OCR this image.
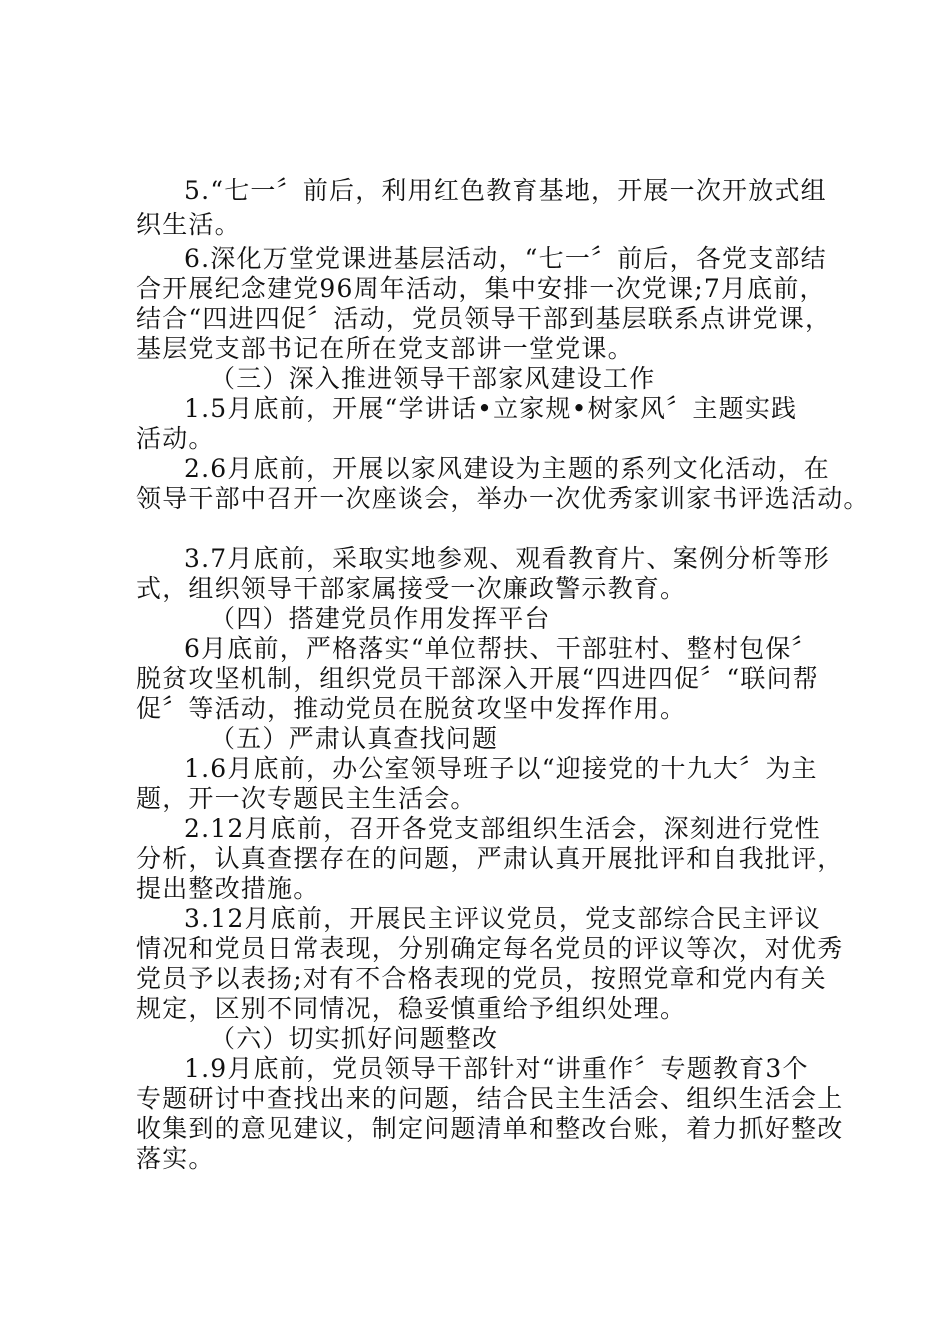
5.“七一〞前后，利用红色教育基地，开展一次开放式组
织生活。
6.深化万堂党课进基层活动，“七一〞前后，各党支部结
合开展纪念建党96周年活动，集中安排一次党课;7月底前，
结合“四进四促〞活动，党员领导干部到基层联系点讲党课，
基层党支部书记在所在党支部讲一堂党课。
（三）深入推进领导干部家风建设工作
1.5月底前，开展“学讲话•立家规•树家风〞主题实践
活动。
2.6月底前，开展以家风建设为主题的系列文化活动，在
领导干部中召开一次座谈会，举办一次优秀家训家书评选活动。
3.7月底前，采取实地参观、观看教育片、案例分析等形
式，组织领导干部家属接受一次廉政警示教育。
（四）搭建党员作用发挥平台
6月底前，严格落实“单位帮扶、干部驻村、整村包保〞
脱贫攻坚机制，组织党员干部深入开展“四进四促〞“联问帮
促〞等活动，推动党员在脱贫攻坚中发挥作用。
（五）严肃认真查找问题
1.6月底前，办公室领导班子以“迎接党的十九大〞为主
题，开一次专题民主生活会。
2.12月底前，召开各党支部组织生活会，深刻进行党性
分析，认真查摆存在的问题，严肃认真开展批评和自我批评，
提出整改措施。
3.12月底前，开展民主评议党员，党支部综合民主评议
情况和党员日常表现，分别确定每名党员的评议等次，对优秀
党员予以表扬;对有不合格表现的党员，按照党章和党内有关
规定，区别不同情况，稳妥慎重给予组织处理。
（六）切实抓好问题整改
1.9月底前，党员领导干部针对“讲重作〞专题教育3个
专题研讨中查找出来的问题，结合民主生活会、组织生活会上
收集到的意见建议，制定问题清单和整改台账，着力抓好整改
落实。
